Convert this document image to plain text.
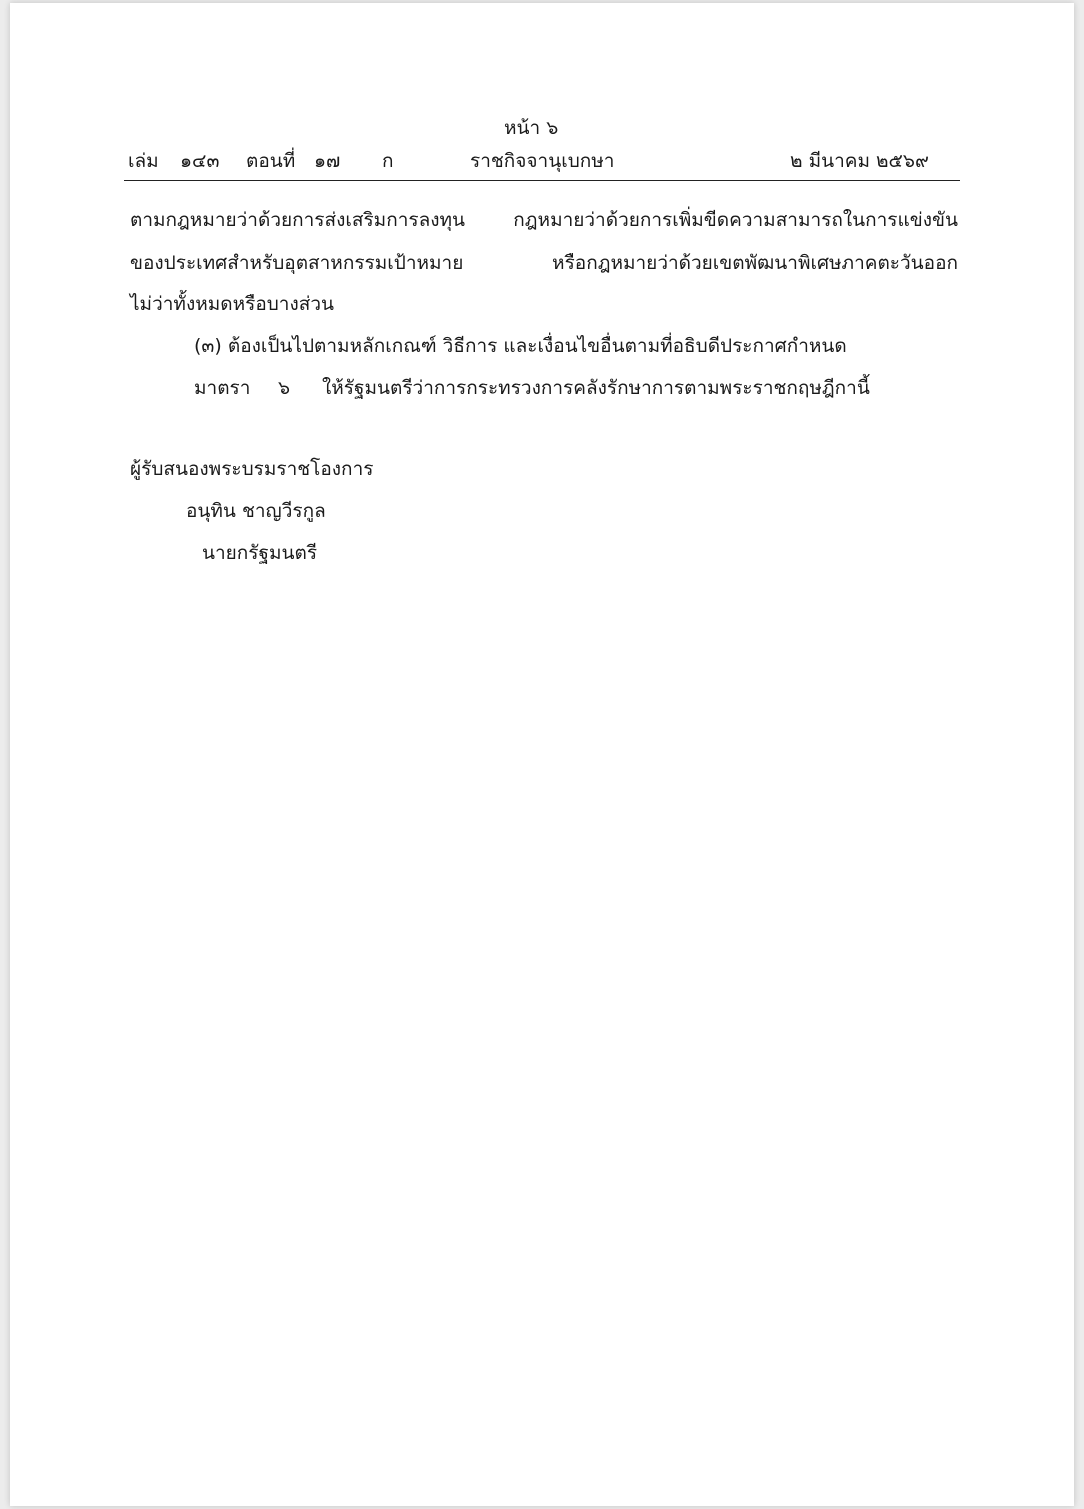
หน้า ๖
เล่ม ๑๔๓ ตอนที่ ๑๗ ก	ราชกิจจานุเบกษา	๒ มีนาคม ๒๕๖๙
ตามกฎหมายว่าด้วยการส่งเสริมการลงทุน กฎหมายว่าด้วยการเพิ่มขีดความสามารถในการแข่งขัน
ของประเทศสำหรับอุตสาหกรรมเป้าหมาย หรือกฎหมายว่าด้วยเขตพัฒนาพิเศษภาคตะวันออก
ไม่ว่าทั้งหมดหรือบางส่วน
(๓) ต้องเป็นไปตามหลักเกณฑ์ วิธีการ และเงื่อนไขอื่นตามที่อธิบดีประกาศกำหนด
มาตรา ๖ ให้รัฐมนตรีว่าการกระทรวงการคลังรักษาการตามพระราชกฤษฎีกานี้
ผู้รับสนองพระบรมราชโองการ
อนุทิน ชาญวีรกูล
นายกรัฐมนตรี
